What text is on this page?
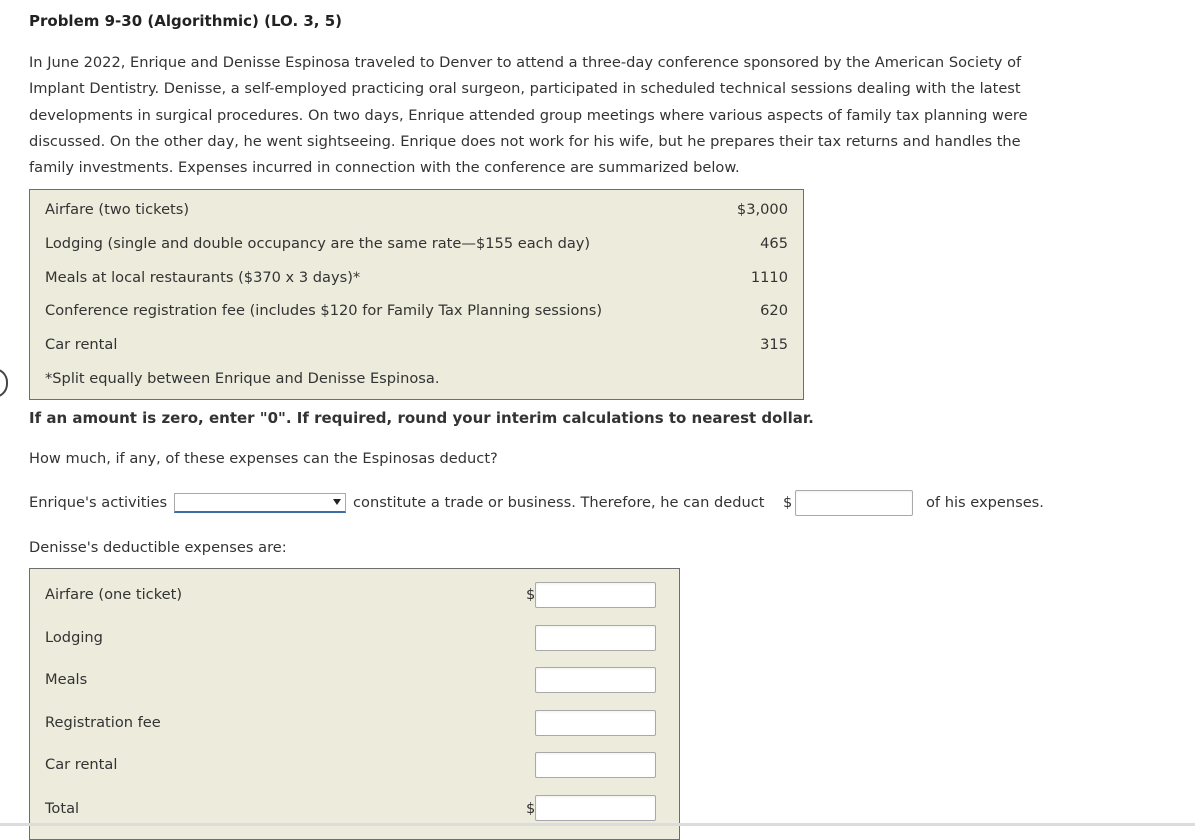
Problem 9-30 (Algorithmic) (LO. 3, 5)
In June 2022, Enrique and Denisse Espinosa traveled to Denver to attend a three-day conference sponsored by the American Society of
Implant Dentistry. Denisse, a self-employed practicing oral surgeon, participated in scheduled technical sessions dealing with the latest
developments in surgical procedures. On two days, Enrique attended group meetings where various aspects of family tax planning were
discussed. On the other day, he went sightseeing. Enrique does not work for his wife, but he prepares their tax returns and handles the
family investments. Expenses incurred in connection with the conference are summarized below.
Airfare (two tickets)	$3,000
Lodging (single and double occupancy are the same rate—$155 each day)	465
Meals at local restaurants ($370 x 3 days)*	1110
Conference registration fee (includes $120 for Family Tax Planning sessions)	620
Car rental	315
*Split equally between Enrique and Denisse Espinosa.
If an amount is zero, enter "0". If required, round your interim calculations to nearest dollar.
How much, if any, of these expenses can the Espinosas deduct?
Enrique's activities	constitute a trade or business. Therefore, he can deduct $	of his expenses.
Denisse's deductible expenses are:
Airfare (one ticket)	$
Lodging
Meals
Registration fee
Car rental
Total	$
